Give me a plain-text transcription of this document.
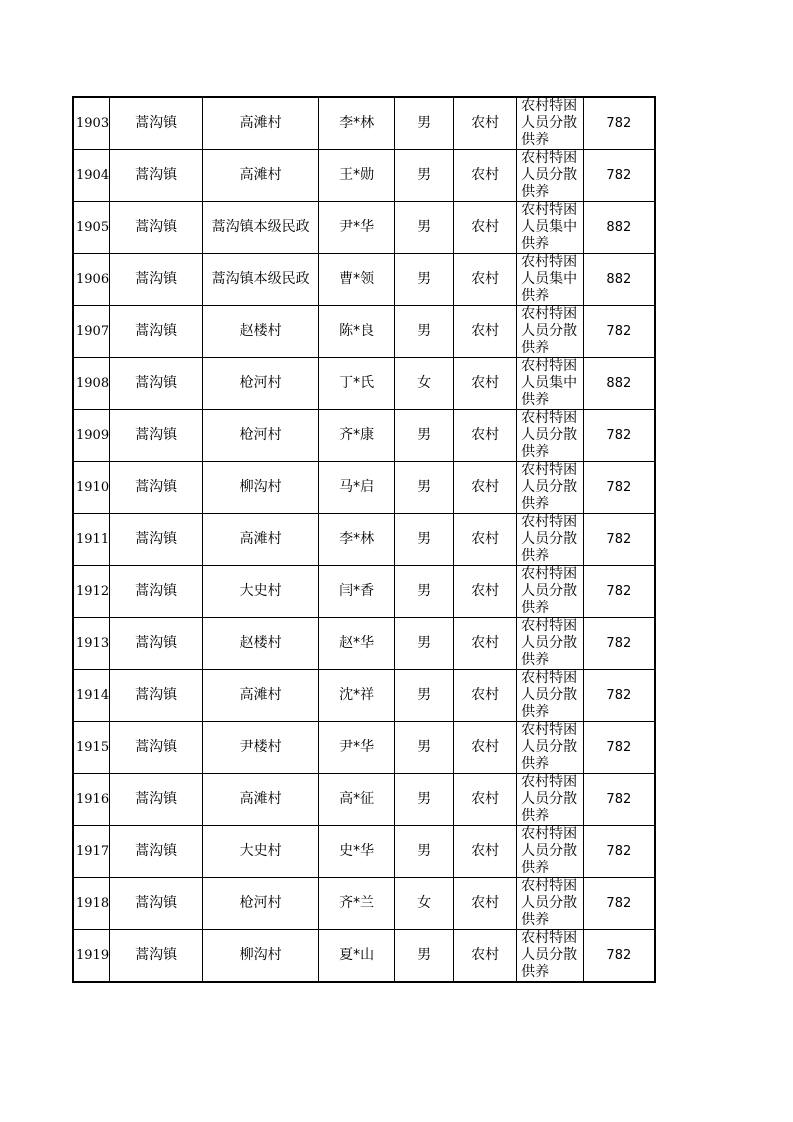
1903	蒿沟镇	高滩村	李*林	男	农村	农村特困人员分散供养	782
1904	蒿沟镇	高滩村	王*勋	男	农村	农村特困人员分散供养	782
1905	蒿沟镇	蒿沟镇本级民政	尹*华	男	农村	农村特困人员集中供养	882
1906	蒿沟镇	蒿沟镇本级民政	曹*领	男	农村	农村特困人员集中供养	882
1907	蒿沟镇	赵楼村	陈*良	男	农村	农村特困人员分散供养	782
1908	蒿沟镇	枪河村	丁*氏	女	农村	农村特困人员集中供养	882
1909	蒿沟镇	枪河村	齐*康	男	农村	农村特困人员分散供养	782
1910	蒿沟镇	柳沟村	马*启	男	农村	农村特困人员分散供养	782
1911	蒿沟镇	高滩村	李*林	男	农村	农村特困人员分散供养	782
1912	蒿沟镇	大史村	闫*香	男	农村	农村特困人员分散供养	782
1913	蒿沟镇	赵楼村	赵*华	男	农村	农村特困人员分散供养	782
1914	蒿沟镇	高滩村	沈*祥	男	农村	农村特困人员分散供养	782
1915	蒿沟镇	尹楼村	尹*华	男	农村	农村特困人员分散供养	782
1916	蒿沟镇	高滩村	高*征	男	农村	农村特困人员分散供养	782
1917	蒿沟镇	大史村	史*华	男	农村	农村特困人员分散供养	782
1918	蒿沟镇	枪河村	齐*兰	女	农村	农村特困人员分散供养	782
1919	蒿沟镇	柳沟村	夏*山	男	农村	农村特困人员分散供养	782
